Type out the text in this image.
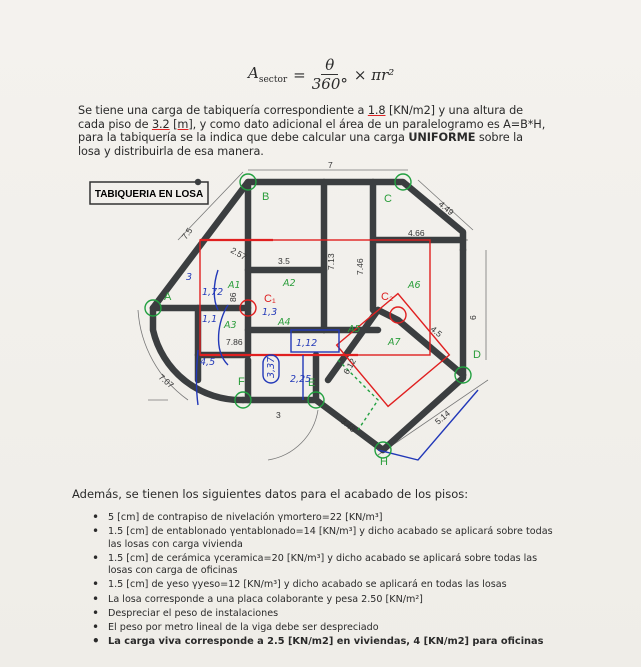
$A_{sector} = \frac{\theta}{360^\circ} \times \pi r^2$
Se tiene una carga de tabiquería correspondiente a 1.8 [KN/m2] y una altura de cada piso de 3.2 [m], y como dato adicional el área de un paralelogramo es A=B*H, para la tabiquería se la indica que debe calcular una carga UNIFORME sobre la losa y distribuirla de esa manera.
TABIQUERIA EN LOSA
A
B	C
D
E
F
H
C₁	C₂
7
4.49
7.5
2.57
4.66
3.5	7.13 7.46
6
4.5
7.86
6.12
7.07
86
3
3.48	5.14
A1	A2
A3	A4
A5
A6
A7
1,72
3
4,5
1,1
1,3
1,12
3,37
2,25
Además, se tienen los siguientes datos para el acabado de los pisos:
• 5 [cm] de contrapiso de nivelación γmortero=22 [KN/m³]
• 1.5 [cm] de entablonado γentablonado=14 [KN/m³] y dicho acabado se aplicará sobre todas las losas con carga vivienda
• 1.5 [cm] de cerámica γceramica=20 [KN/m³] y dicho acabado se aplicará sobre todas las losas con carga de oficinas
• 1.5 [cm] de yeso γyeso=12 [KN/m³] y dicho acabado se aplicará en todas las losas
• La losa corresponde a una placa colaborante y pesa 2.50 [KN/m²]
• Despreciar el peso de instalaciones
• El peso por metro lineal de la viga debe ser despreciado
• La carga viva corresponde a 2.5 [KN/m2] en viviendas, 4 [KN/m2] para oficinas
